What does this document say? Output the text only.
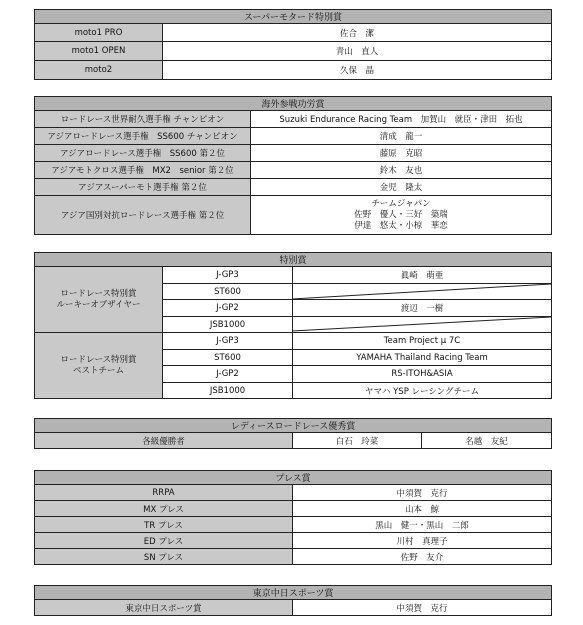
スーパーモタード特別賞	
moto1 PRO	佐合　潔
moto1 OPEN	青山　直人
moto2	久保　晶
海外参戦功労賞	
ロードレース世界耐久選手権 チャンピオン	Suzuki Endurance Racing Team　加賀山　就臣・津田　拓也
アジアロードレース選手権　SS600 チャンピオン	清成　龍一
アジアロードレース選手権　SS600 第２位	藤原　克昭
アジアモトクロス選手権　MX2　senior 第２位	鈴木　友也
アジアスーパーモト選手権 第２位	金児　隆太
アジア国別対抗ロードレース選手権 第２位	チームジャパン
佐野　優人・三好　築瑞
伊達　悠太・小椋　華恋
特別賞		

ロードレース特別賞
ルーキーオブザイヤー	J-GP3	眞崎　萌亜
	ST600	
	J-GP2	渡辺　一樹
	JSB1000	

ロードレース特別賞
ベストチーム	J-GP3	Team Project μ 7C
	ST600	YAMAHA Thailand Racing Team
	J-GP2	RS-ITOH&ASIA
	JSB1000	ヤマハ YSP レーシングチーム
レディースロードレース優秀賞
各級優勝者	白石　玲菜	名越　友紀
プレス賞	
RRPA	中須賀　克行
MX プレス	山本　鯨
TR プレス	黒山　健一・黒山　二郎
ED プレス	川村　真理子
SN プレス	佐野　友介
東京中日スポーツ賞
東京中日スポーツ賞	中須賀　克行
